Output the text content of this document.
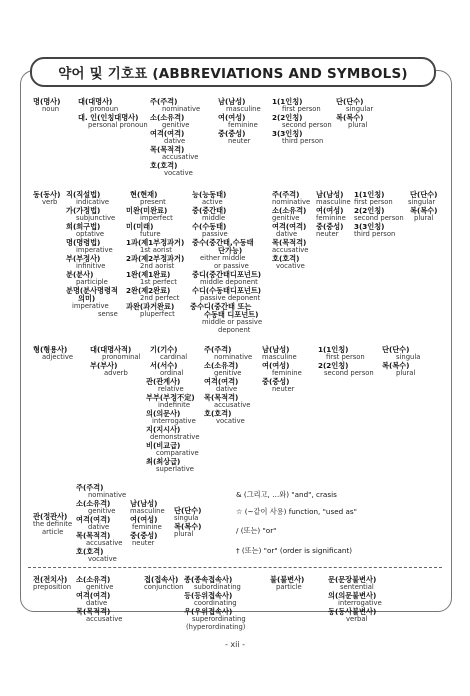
약어 및 기호표 (ABBREVIATIONS AND SYMBOLS)
명(명사)
noun
대(대명사)
pronoun
대. 인(인칭대명사)
personal pronoun
주(주격)
nominative
소(소유격)
genitive
여격(여격)
dative
목(목적격)
accusative
호(호격)
vocative
남(남성)
masculine
여(여성)
feminine
중(중성)
neuter
1(1인칭)
first person
2(2인칭)
second person
3(3인칭)
third person
단(단수)
singular
복(복수)
plural
동(동사)
verb
직(직설법)
indicative
가(가정법)
subjunctive
희(희구법)
optative
명(명령법)
imperative
부(부정사)
infinitive
분(분사)
participle
분명(분사명령적
의미)
imperative
sense
현(현재)
present
미완(미완료)
imperfect
미(미래)
future
1과(제1부정과거)
1st aorist
2과(제2부정과거)
2nd aorist
1완(제1완료)
1st perfect
2완(제2완료)
2nd perfect
과완(과거완료)
pluperfect
능(능동태)
active
중(중간태)
middle
수(수동태)
passive
중수(중간태,수동태
단가능)
either middle
or passive
중디(중간태디포넌트)
middle deponent
수디(수동태디포넌트)
passive deponent
중수디(중간태 또는
수동태 디포넌트)
middle or passive
deponent
주(주격)
nominative
소(소유격)
genitive
여격(여격)
dative
목(목적격)
accusative
호(호격)
vocative
남(남성)
masculine
여(여성)
feminine
중(중성)
neuter
1(1인칭)
first person
2(2인칭)
second person
3(3인칭)
third person
단(단수)
singular
복(복수)
plural
형(형용사)
adjective
대(대명사적)
pronominal
부(부사)
adverb
기(기수)
cardinal
서(서수)
ordinal
관(관계사)
relative
부부(부정不定)
indefinite
의(의문사)
interrogative
지(지시사)
demonstrative
비(비교급)
comparative
최(최상급)
superlative
주(주격)
nominative
소(소유격)
genitive
여격(여격)
dative
목(목적격)
accusative
호(호격)
vocative
남(남성)
masculine
여(여성)
feminine
중(중성)
neuter
1(1인칭)
first person
2(2인칭)
second person
단(단수)
singula
복(복수)
plural
관(정관사)
the definite
article
주(주격)
nominative
소(소유격)
genitive
여격(여격)
dative
목(목적격)
accusative
호(호격)
vocative
남(남성)
masculine
여(여성)
feminine
중(중성)
neuter
단(단수)
singula
복(복수)
plural
& (그리고, …와) "and", crasis
☆ (~같이 사용) function, "used as"
/ (또는) "or"
† (또는) "or" (order is significant)
전(전치사)
preposition
소(소유격)
genitive
여격(여격)
dative
목(목적격)
accusative
접(접속사)
conjunction
종(종속접속사)
subordinating
등(등위접속사)
coordinating
우(우위접속사)
superordinating
(hyperordinating)
불(불변사)
particle
문(문장불변사)
sentential
의(의문불변사)
interrogative
동(동사불변사)
verbal
- xii -
